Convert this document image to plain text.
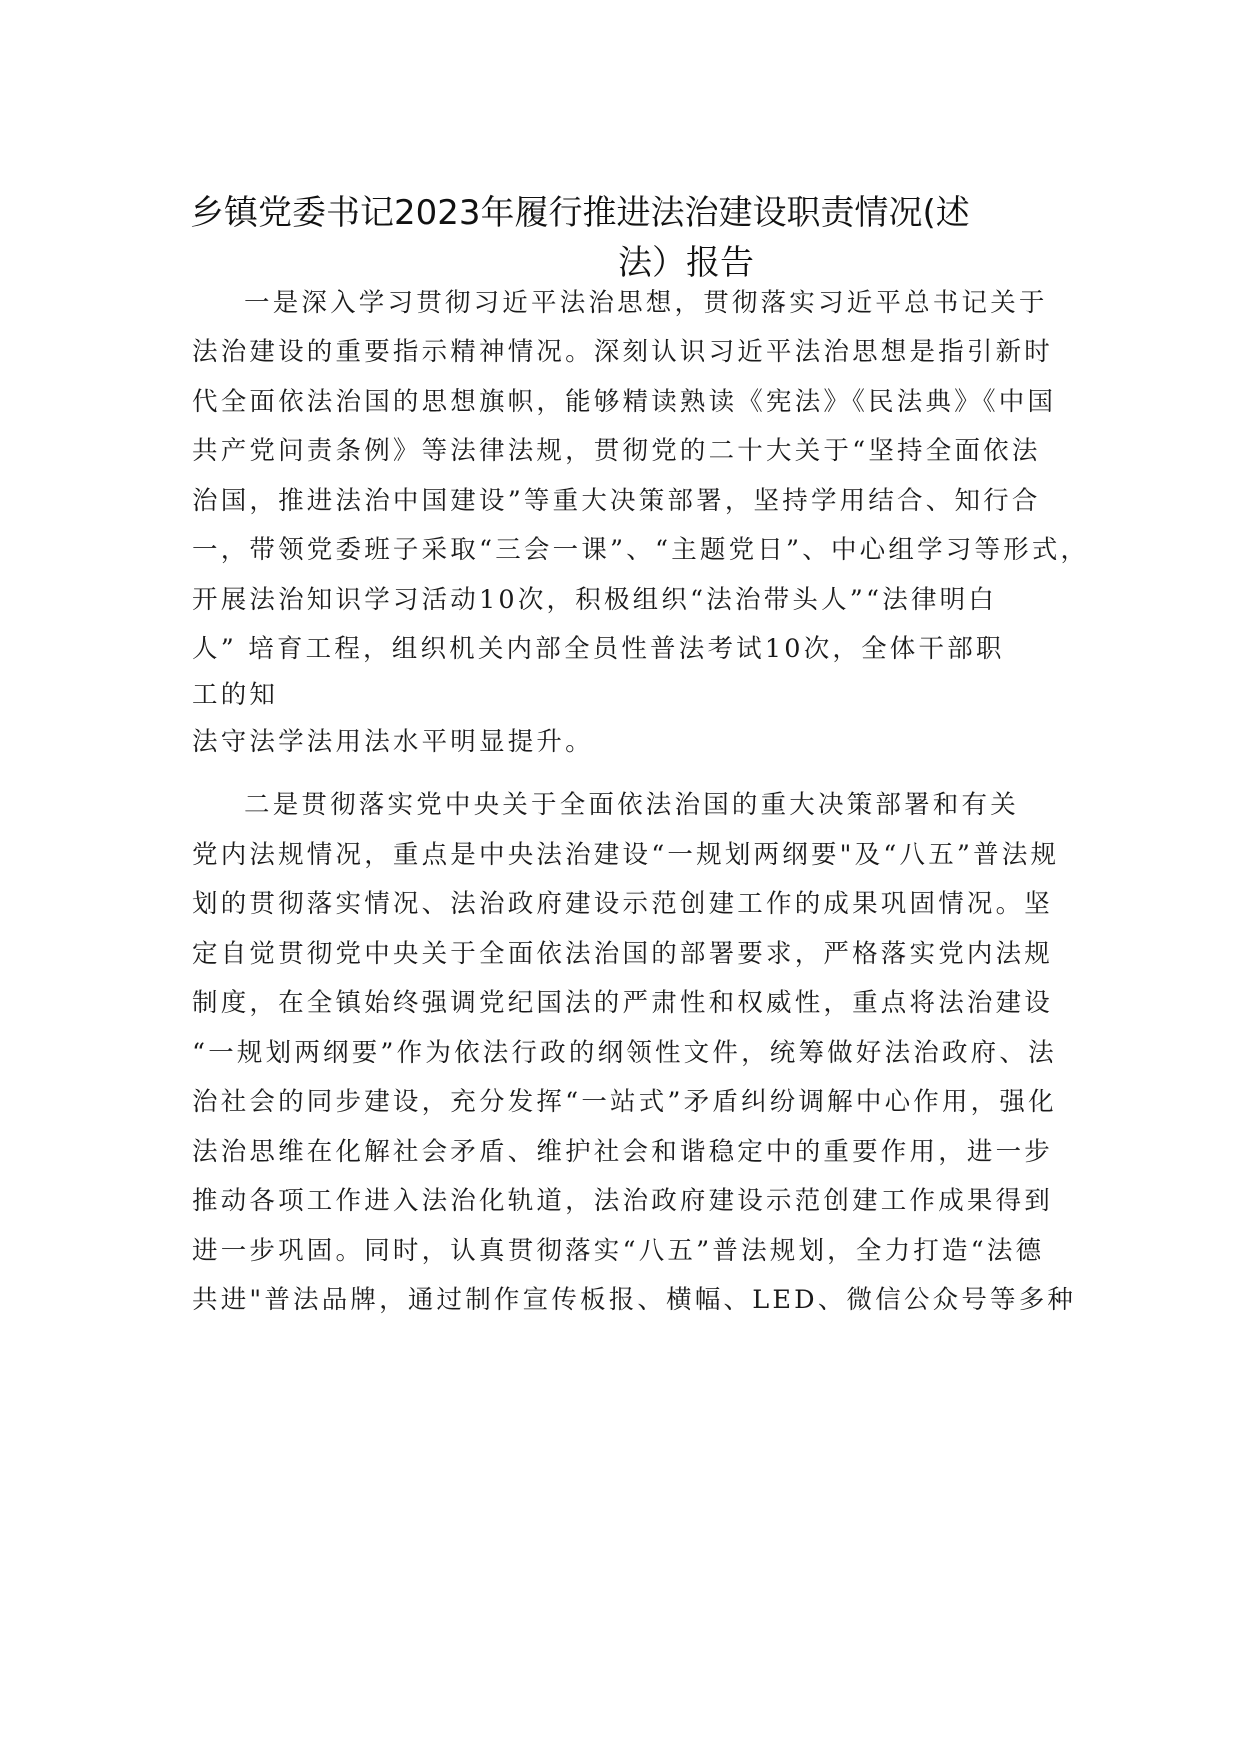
乡镇党委书记2023年履行推进法治建设职责情况(述
法）报告
一是深入学习贯彻习近平法治思想，贯彻落实习近平总书记关于
法治建设的重要指示精神情况。深刻认识习近平法治思想是指引新时
代全面依法治国的思想旗帜，能够精读熟读《宪法》《民法典》《中国
共产党问责条例》等法律法规，贯彻党的二十大关于“坚持全面依法
治国，推进法治中国建设”等重大决策部署，坚持学用结合、知行合
一，带领党委班子采取“三会一课”、“主题党日”、中心组学习等形式，
开展法治知识学习活动10次，积极组织“法治带头人”“法律明白
人” 培育工程，组织机关内部全员性普法考试10次，全体干部职
工的知
法守法学法用法水平明显提升。
二是贯彻落实党中央关于全面依法治国的重大决策部署和有关
党内法规情况，重点是中央法治建设“一规划两纲要"及“八五”普法规
划的贯彻落实情况、法治政府建设示范创建工作的成果巩固情况。坚
定自觉贯彻党中央关于全面依法治国的部署要求，严格落实党内法规
制度，在全镇始终强调党纪国法的严肃性和权威性，重点将法治建设
“一规划两纲要”作为依法行政的纲领性文件，统筹做好法治政府、法
治社会的同步建设，充分发挥“一站式”矛盾纠纷调解中心作用，强化
法治思维在化解社会矛盾、维护社会和谐稳定中的重要作用，进一步
推动各项工作进入法治化轨道，法治政府建设示范创建工作成果得到
进一步巩固。同时，认真贯彻落实“八五”普法规划，全力打造“法德
共进"普法品牌，通过制作宣传板报、横幅、LED、微信公众号等多种
